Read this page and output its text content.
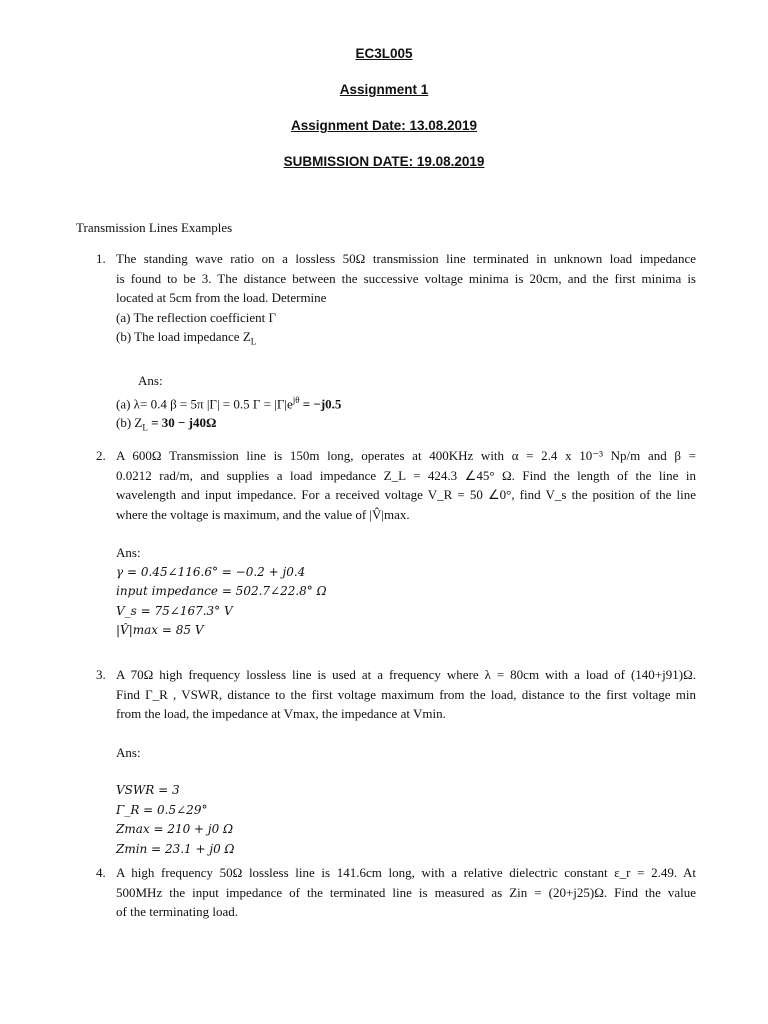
EC3L005
Assignment 1
Assignment Date: 13.08.2019
SUBMISSION DATE: 19.08.2019
Transmission Lines Examples
1. The standing wave ratio on a lossless 50Ω transmission line terminated in unknown load impedance
is found to be 3. The distance between the successive voltage minima is 20cm, and the first minima is
located at 5cm from the load. Determine
(a) The reflection coefficient Γ
(b) The load impedance $Z_L$
Ans:
(a) λ= 0.4 β = 5π |Γ| = 0.5 $\Gamma = |\Gamma|e^{j\theta} = -j0.5$
(b) $Z_L = 30 - j40\Omega$
2. A 600Ω Transmission line is 150m long, operates at 400KHz with α = 2.4 x 10⁻³ Np/m and β =
0.0212 rad/m, and supplies a load impedance Z_L = 424.3 ∠45° Ω. Find the length of the line in
wavelength and input impedance. For a received voltage V_R = 50 ∠0°, find V_s the position of the line
where the voltage is maximum, and the value of |V̂|max.
Ans:
γ = 0.45∠116.6° = −0.2 + j0.4
input impedance = 502.7∠22.8° Ω
V_s = 75∠167.3° V
|V̂|max = 85 V
3. A 70Ω high frequency lossless line is used at a frequency where λ = 80cm with a load of (140+j91)Ω.
Find Γ_R , VSWR, distance to the first voltage maximum from the load, distance to the first voltage min
from the load, the impedance at Vmax, the impedance at Vmin.
Ans:
VSWR = 3
Γ_R = 0.5∠29°
Zmax = 210 + j0 Ω
Zmin = 23.1 + j0 Ω
4. A high frequency 50Ω lossless line is 141.6cm long, with a relative dielectric constant ε_r = 2.49. At
500MHz the input impedance of the terminated line is measured as Zin = (20+j25)Ω. Find the value
of the terminating load.
